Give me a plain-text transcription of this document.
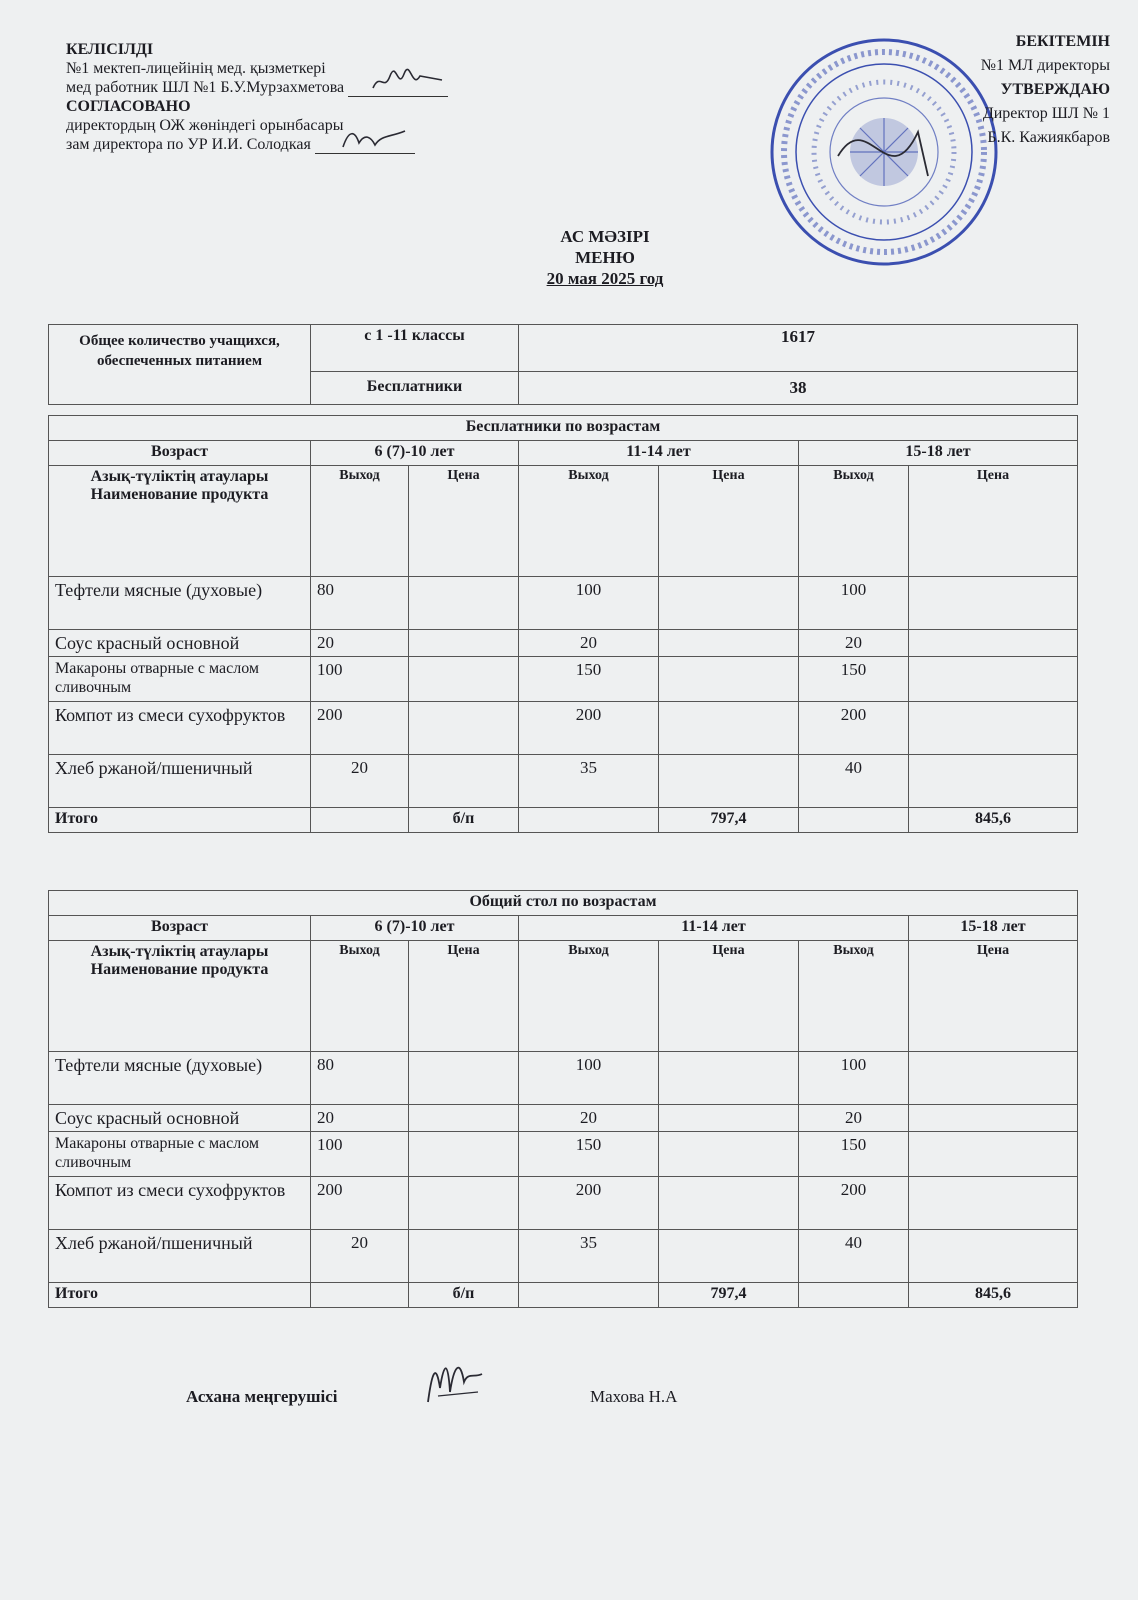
КЕЛІСІЛДІ
№1 мектеп-лицейінің мед. қызметкері
мед работник ШЛ №1 Б.У.Мурзахметова
СОГЛАСОВАНО
директордың ОЖ жөніндегі орынбасары
зам директора по УР И.И. Солодкая
БЕКІТЕМІН
№1 МЛ директоры
УТВЕРЖДАЮ
Директор ШЛ № 1
Б.К. Кажиякбаров
АС МӘЗІРІ
МЕНЮ
20 мая 2025 год
Общее количество учащихся, обеспеченных питанием	с 1 -11 классы	1617
	Бесплатники	38
Бесплатники по возрастам						
Возраст	6 (7)-10 лет		11-14 лет		15-18 лет	
Азық-түліктің атаулары
Наименование продукта	Выход	Цена	Выход	Цена	Выход	Цена
Тефтели мясные (духовые)	80		100		100	
Соус красный основной	20		20		20	
Макароны отварные с маслом сливочным	100		150		150	
Компот из смеси сухофруктов	200		200		200	
Хлеб ржаной/пшеничный	20		35		40	
Итого		б/п		797,4		845,6
Общий стол по возрастам						
Возраст	6 (7)-10 лет		11-14 лет			15-18 лет
Азық-түліктің атаулары
Наименование продукта	Выход	Цена	Выход	Цена	Выход	Цена
Тефтели мясные (духовые)	80		100		100	
Соус красный основной	20		20		20	
Макароны отварные с маслом сливочным	100		150		150	
Компот из смеси сухофруктов	200		200		200	
Хлеб ржаной/пшеничный	20		35		40	
Итого		б/п		797,4		845,6
Асхана меңгерушісі	Махова Н.А
